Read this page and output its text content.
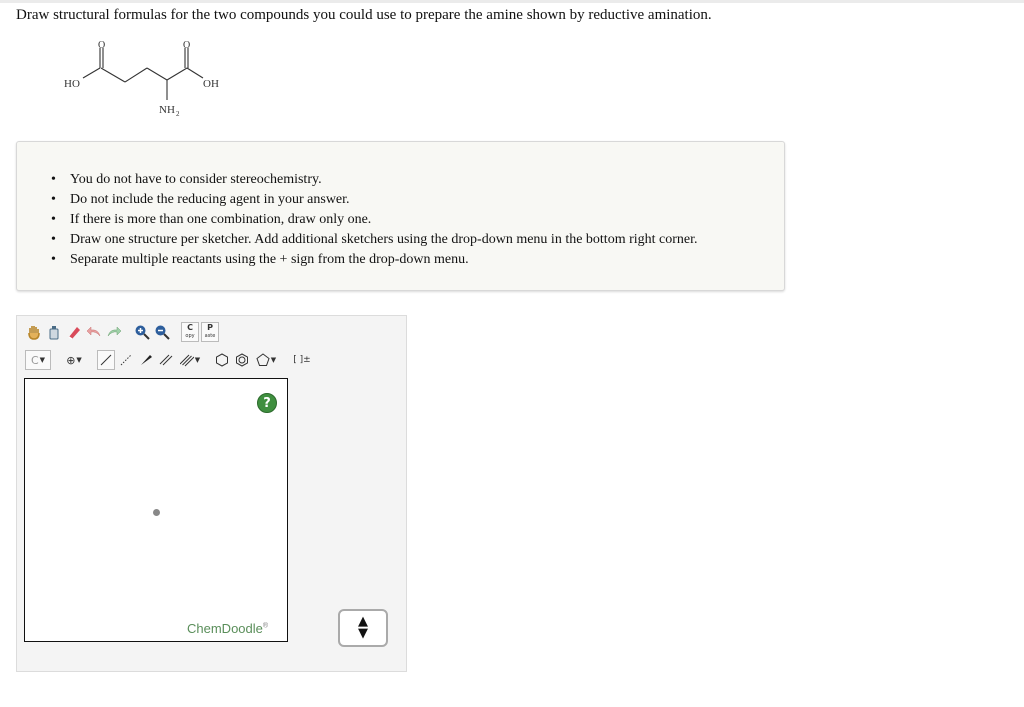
Draw structural formulas for the two compounds you could use to prepare the amine shown by reductive amination.

O	O
HO	OH
NH 2
• You do not have to consider stereochemistry.
• Do not include the reducing agent in your answer.
• If there is more than one combination, draw only one.
• Draw one structure per sketcher. Add additional sketchers using the drop-down menu in the bottom right corner.
• Separate multiple reactants using the + sign from the drop-down menu.
C
opy
P
aste
C ▼ ⊕ ▼	▼	▼ [ ]±
?
ChemDoodle®	▲
▼
